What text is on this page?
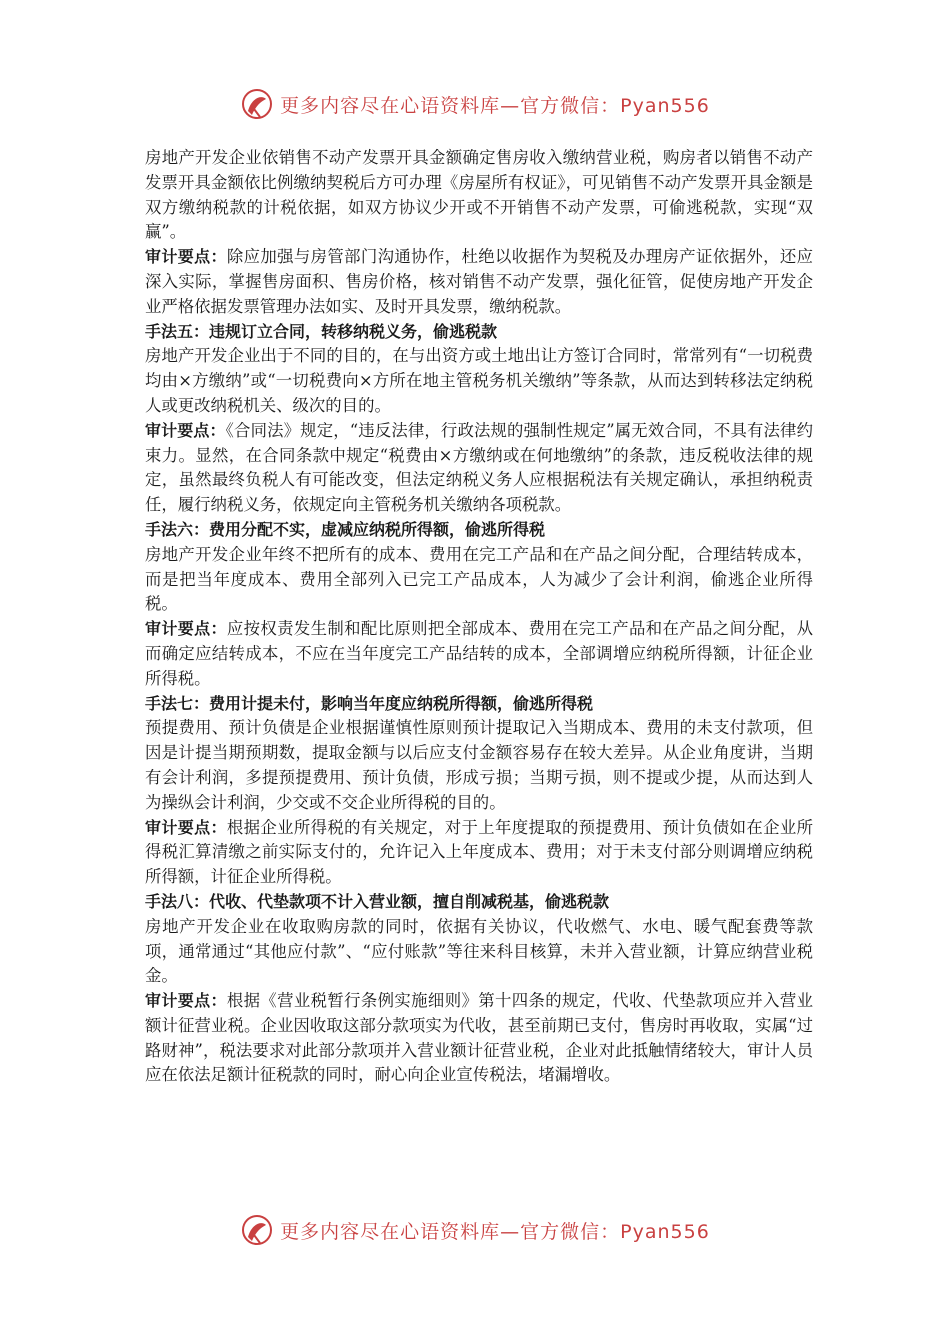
更多内容尽在心语资料库—官方微信：Pyan556

房地产开发企业依销售不动产发票开具金额确定售房收入缴纳营业税，购房者以销售不动产发票开具金额依比例缴纳契税后方可办理《房屋所有权证》，可见销售不动产发票开具金额是双方缴纳税款的计税依据，如双方协议少开或不开销售不动产发票，可偷逃税款，实现“双赢”。

审计要点：除应加强与房管部门沟通协作，杜绝以收据作为契税及办理房产证依据外，还应深入实际，掌握售房面积、售房价格，核对销售不动产发票，强化征管，促使房地产开发企业严格依据发票管理办法如实、及时开具发票，缴纳税款。

手法五：违规订立合同，转移纳税义务，偷逃税款

房地产开发企业出于不同的目的，在与出资方或土地出让方签订合同时，常常列有“一切税费均由×方缴纳”或“一切税费向×方所在地主管税务机关缴纳”等条款，从而达到转移法定纳税人或更改纳税机关、级次的目的。

审计要点：《合同法》规定，“违反法律，行政法规的强制性规定”属无效合同，不具有法律约束力。显然，在合同条款中规定“税费由×方缴纳或在何地缴纳”的条款，违反税收法律的规定，虽然最终负税人有可能改变，但法定纳税义务人应根据税法有关规定确认，承担纳税责任，履行纳税义务，依规定向主管税务机关缴纳各项税款。

手法六：费用分配不实，虚减应纳税所得额，偷逃所得税

房地产开发企业年终不把所有的成本、费用在完工产品和在产品之间分配，合理结转成本，而是把当年度成本、费用全部列入已完工产品成本，人为减少了会计利润，偷逃企业所得税。

审计要点：应按权责发生制和配比原则把全部成本、费用在完工产品和在产品之间分配，从而确定应结转成本，不应在当年度完工产品结转的成本，全部调增应纳税所得额，计征企业所得税。

手法七：费用计提未付，影响当年度应纳税所得额，偷逃所得税

预提费用、预计负债是企业根据谨慎性原则预计提取记入当期成本、费用的未支付款项，但因是计提当期预期数，提取金额与以后应支付金额容易存在较大差异。从企业角度讲，当期有会计利润，多提预提费用、预计负债，形成亏损；当期亏损，则不提或少提，从而达到人为操纵会计利润，少交或不交企业所得税的目的。

审计要点：根据企业所得税的有关规定，对于上年度提取的预提费用、预计负债如在企业所得税汇算清缴之前实际支付的，允许记入上年度成本、费用；对于未支付部分则调增应纳税所得额，计征企业所得税。

手法八：代收、代垫款项不计入营业额，擅自削减税基，偷逃税款

房地产开发企业在收取购房款的同时，依据有关协议，代收燃气、水电、暖气配套费等款项，通常通过“其他应付款”、“应付账款”等往来科目核算，未并入营业额，计算应纳营业税金。

审计要点：根据《营业税暂行条例实施细则》第十四条的规定，代收、代垫款项应并入营业额计征营业税。企业因收取这部分款项实为代收，甚至前期已支付，售房时再收取，实属“过路财神”，税法要求对此部分款项并入营业额计征营业税，企业对此抵触情绪较大，审计人员应在依法足额计征税款的同时，耐心向企业宣传税法，堵漏增收。

更多内容尽在心语资料库—官方微信：Pyan556
